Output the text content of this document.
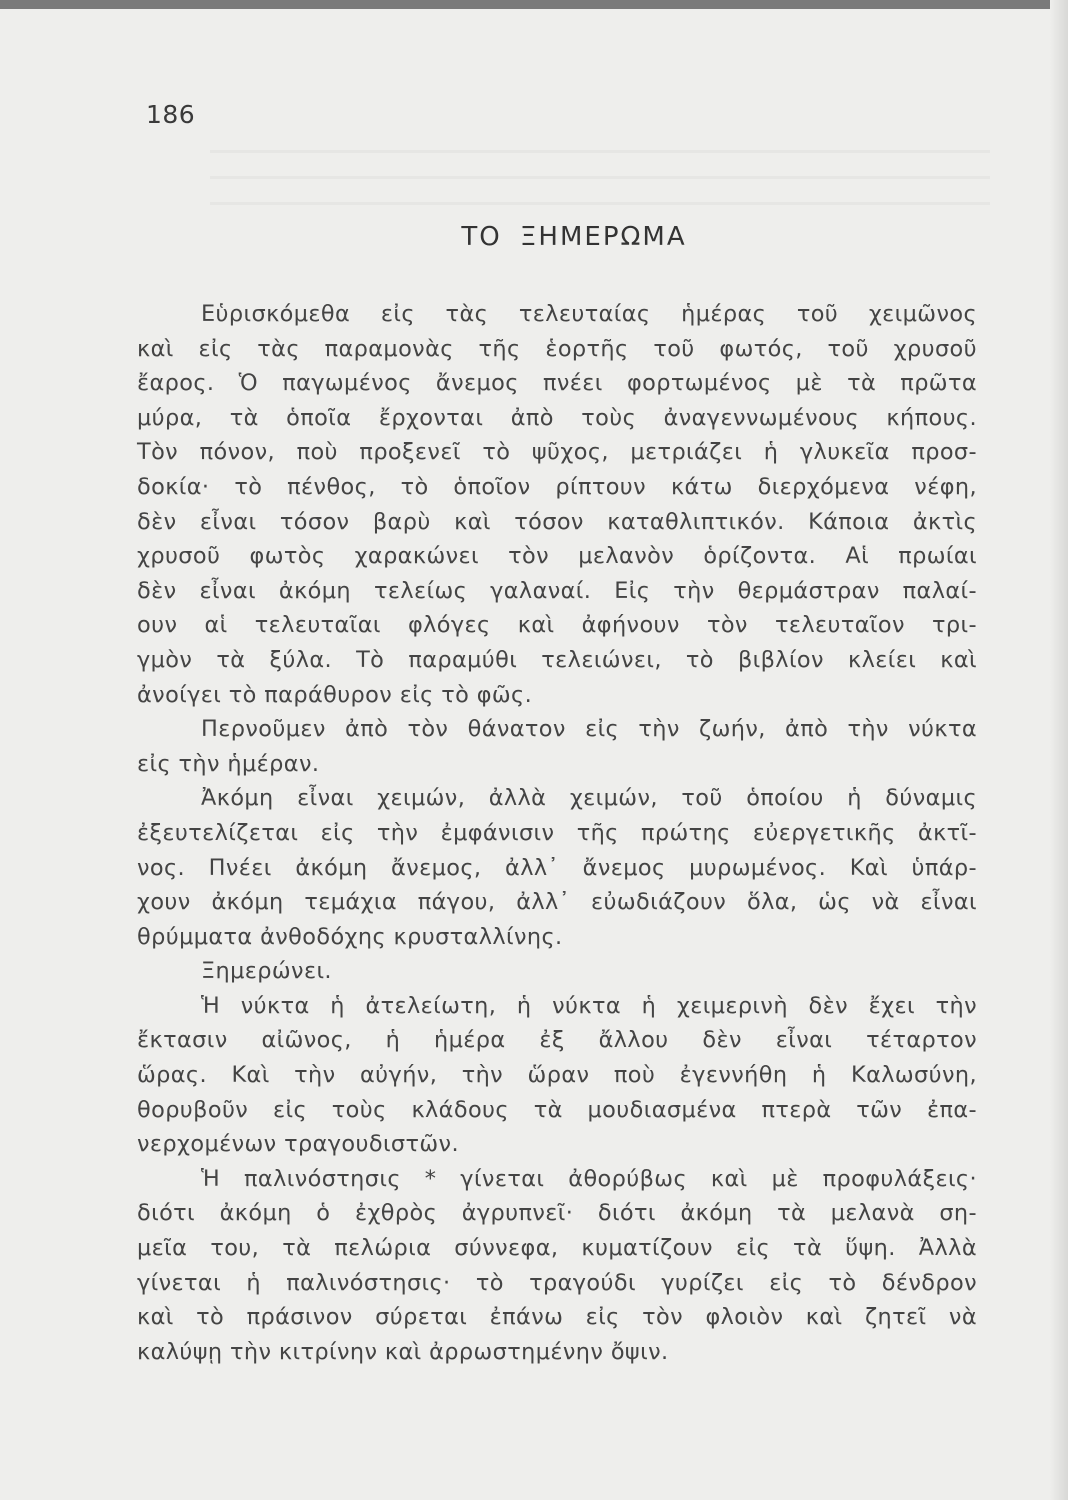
186
ΤΟ ΞΗΜΕΡΩΜΑ
Εὑρισκόμεθα εἰς τὰς τελευταίας ἡμέρας τοῦ χειμῶνος
καὶ εἰς τὰς παραμονὰς τῆς ἑορτῆς τοῦ φωτός, τοῦ χρυσοῦ
ἔαρος. Ὁ παγωμένος ἄνεμος πνέει φορτωμένος μὲ τὰ πρῶτα
μύρα, τὰ ὁποῖα ἔρχονται ἀπὸ τοὺς ἀναγεννωμένους κήπους.
Τὸν πόνον, ποὺ προξενεῖ τὸ ψῦχος, μετριάζει ἡ γλυκεῖα προσ-
δοκία· τὸ πένθος, τὸ ὁποῖον ρίπτουν κάτω διερχόμενα νέφη,
δὲν εἶναι τόσον βαρὺ καὶ τόσον καταθλιπτικόν. Κάποια ἀκτὶς
χρυσοῦ φωτὸς χαρακώνει τὸν μελανὸν ὁρίζοντα. Αἱ πρωίαι
δὲν εἶναι ἀκόμη τελείως γαλαναί. Εἰς τὴν θερμάστραν παλαί-
ουν αἱ τελευταῖαι φλόγες καὶ ἀφήνουν τὸν τελευταῖον τρι-
γμὸν τὰ ξύλα. Τὸ παραμύθι τελειώνει, τὸ βιβλίον κλείει καὶ
ἀνοίγει τὸ παράθυρον εἰς τὸ φῶς.
Περνοῦμεν ἀπὸ τὸν θάνατον εἰς τὴν ζωήν, ἀπὸ τὴν νύκτα
εἰς τὴν ἡμέραν.
Ἀκόμη εἶναι χειμών, ἀλλὰ χειμών, τοῦ ὁποίου ἡ δύναμις
ἐξευτελίζεται εἰς τὴν ἐμφάνισιν τῆς πρώτης εὐεργετικῆς ἀκτῖ-
νος. Πνέει ἀκόμη ἄνεμος, ἀλλ᾽ ἄνεμος μυρωμένος. Καὶ ὑπάρ-
χουν ἀκόμη τεμάχια πάγου, ἀλλ᾽ εὐωδιάζουν ὅλα, ὡς νὰ εἶναι
θρύμματα ἀνθοδόχης κρυσταλλίνης.
Ξημερώνει.
Ἡ νύκτα ἡ ἀτελείωτη, ἡ νύκτα ἡ χειμερινὴ δὲν ἔχει τὴν
ἔκτασιν αἰῶνος, ἡ ἡμέρα ἐξ ἄλλου δὲν εἶναι τέταρτον
ὥρας. Καὶ τὴν αὐγήν, τὴν ὥραν ποὺ ἐγεννήθη ἡ Καλωσύνη,
θορυβοῦν εἰς τοὺς κλάδους τὰ μουδιασμένα πτερὰ τῶν ἐπα-
νερχομένων τραγουδιστῶν.
Ἡ παλινόστησις * γίνεται ἀθορύβως καὶ μὲ προφυλάξεις·
διότι ἀκόμη ὁ ἐχθρὸς ἀγρυπνεῖ· διότι ἀκόμη τὰ μελανὰ ση-
μεῖα του, τὰ πελώρια σύννεφα, κυματίζουν εἰς τὰ ὕψη. Ἀλλὰ
γίνεται ἡ παλινόστησις· τὸ τραγούδι γυρίζει εἰς τὸ δένδρον
καὶ τὸ πράσινον σύρεται ἐπάνω εἰς τὸν φλοιὸν καὶ ζητεῖ νὰ
καλύψῃ τὴν κιτρίνην καὶ ἀρρωστημένην ὄψιν.
